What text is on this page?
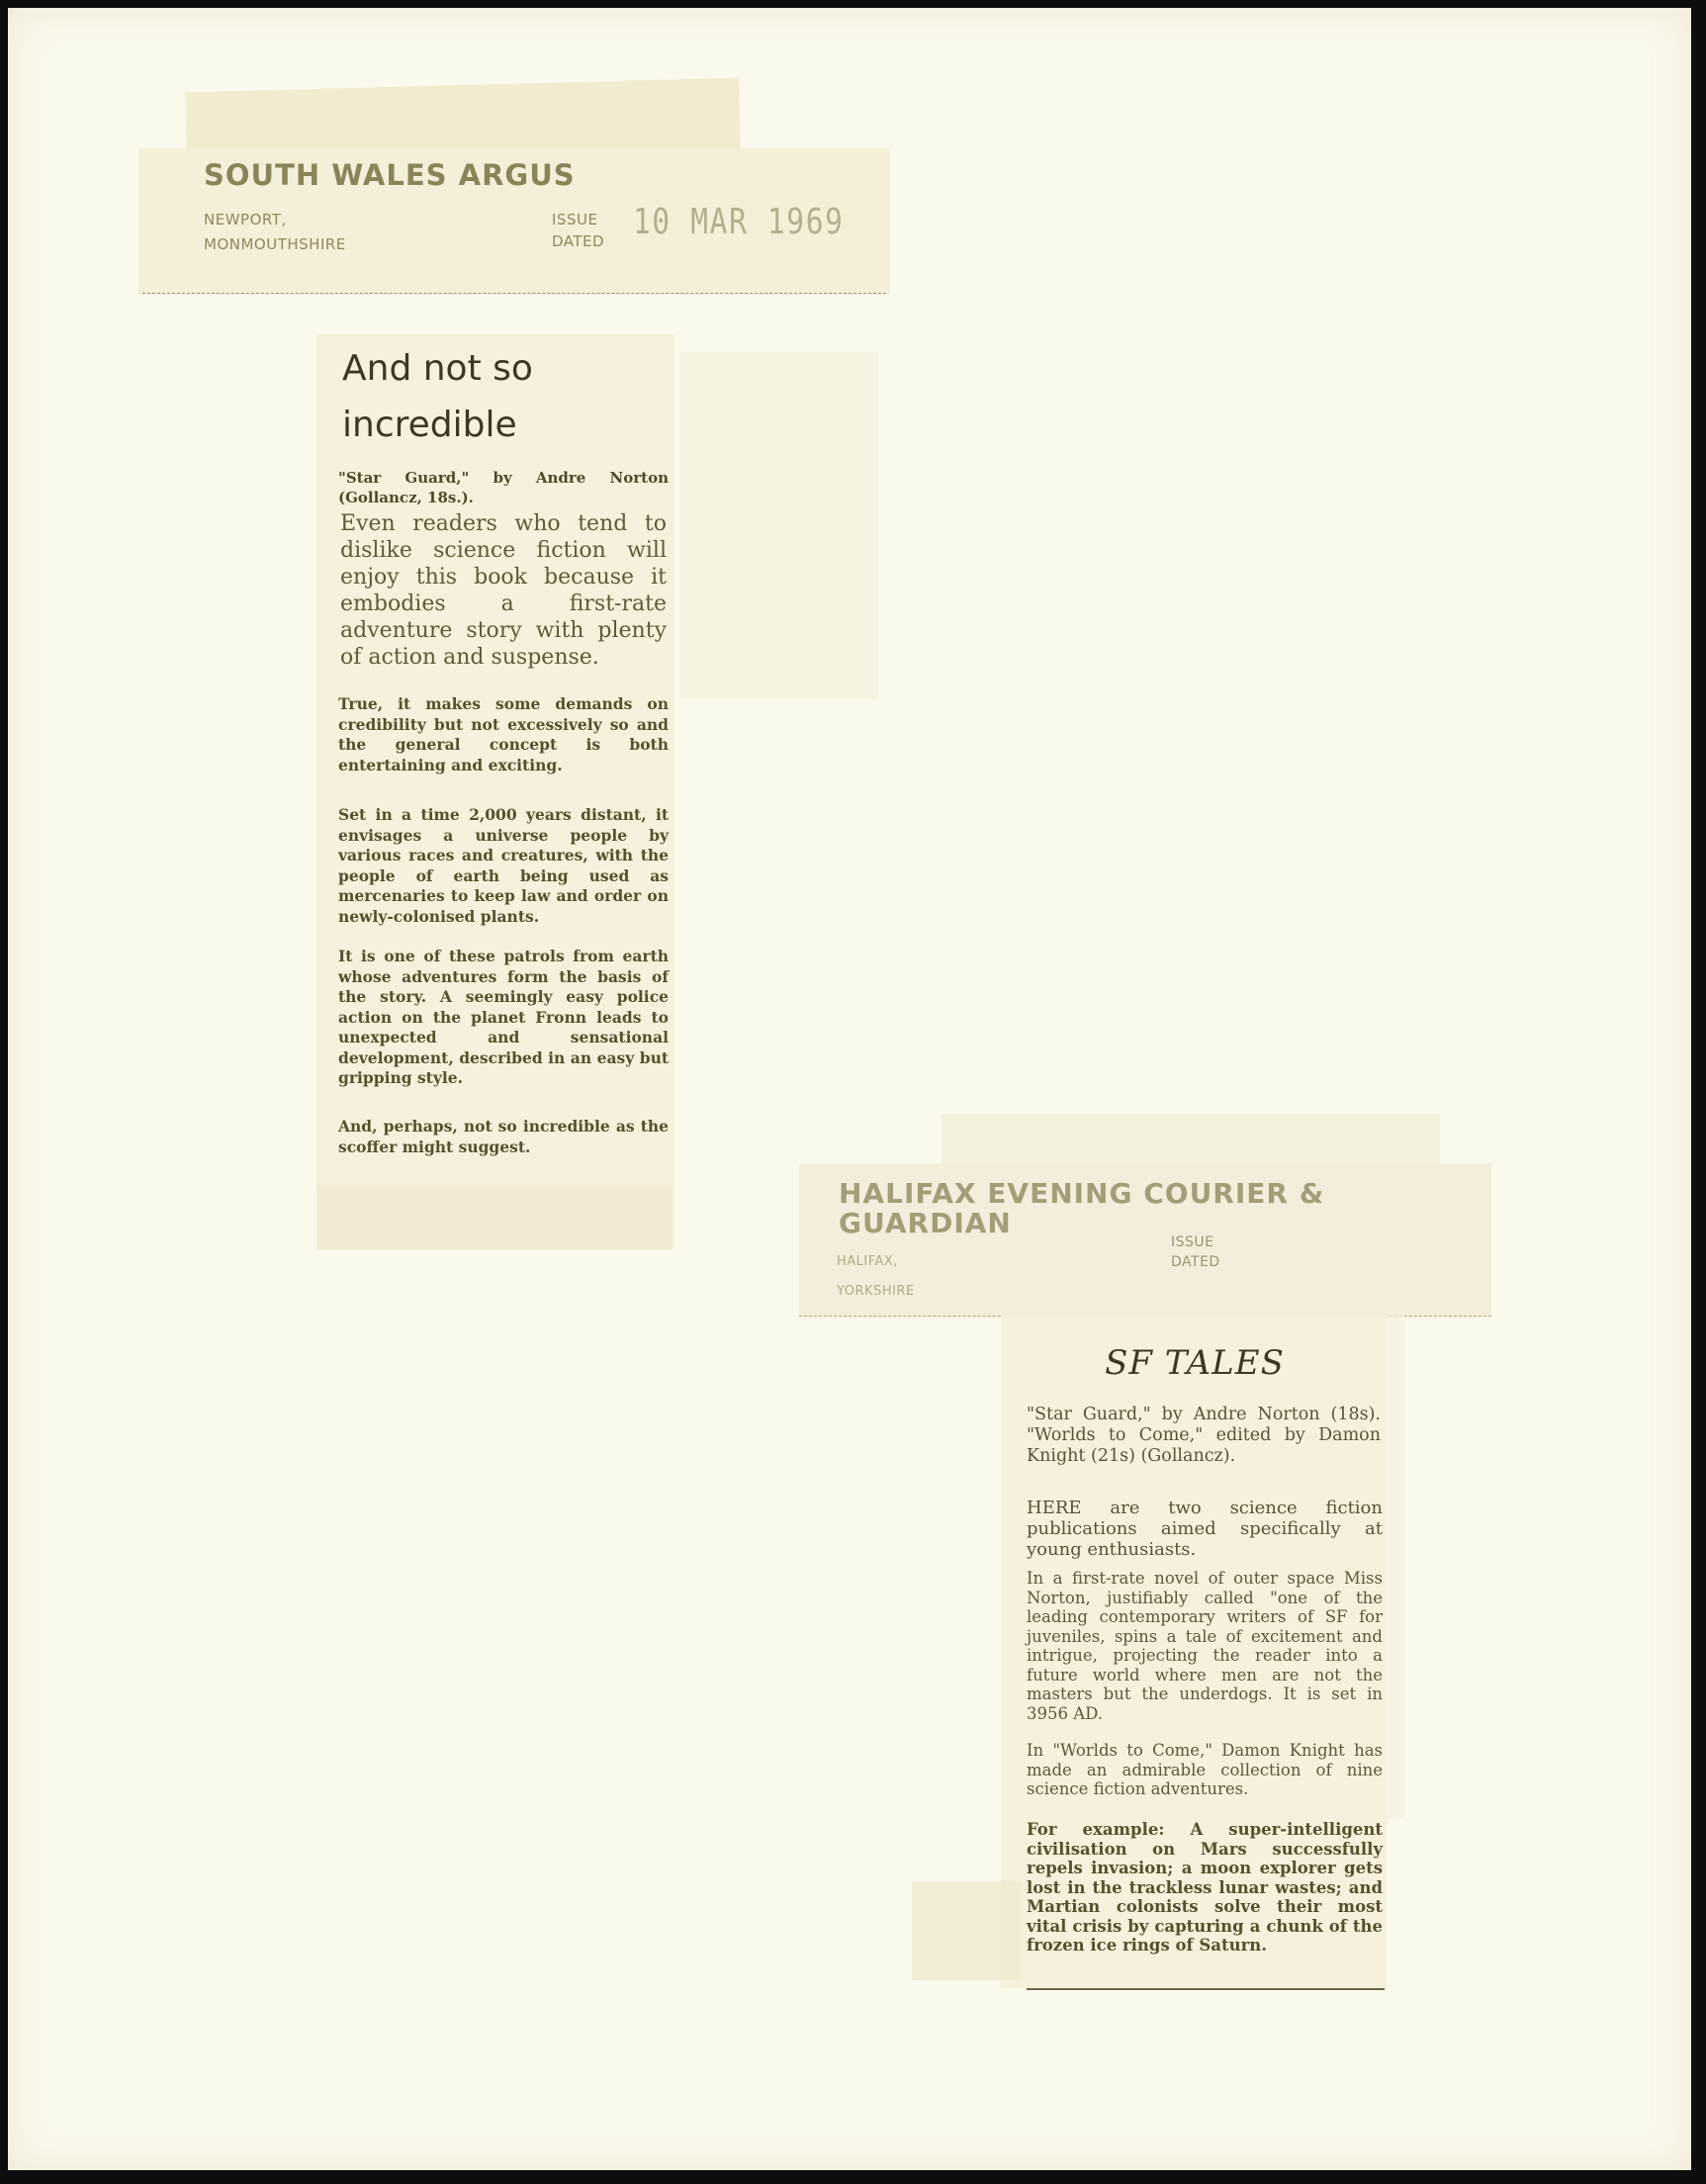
SOUTH WALES ARGUS
NEWPORT,
MONMOUTHSHIRE
ISSUE
DATED 10 MAR 1969
And not so
incredible

"Star Guard," by Andre Norton (Gollancz, 18s.).

Even readers who tend to dislike science fiction will enjoy this book because it embodies a first-rate adventure story with plenty of action and suspense.

True, it makes some demands on credibility but not excessively so and the general concept is both entertaining and exciting.

Set in a time 2,000 years distant, it envisages a universe people by various races and creatures, with the people of earth being used as mercenaries to keep law and order on newly-colonised plants.

It is one of these patrols from earth whose adventures form the basis of the story. A seemingly easy police action on the planet Fronn leads to unexpected and sensational development, described in an easy but gripping style.

And, perhaps, not so incredible as the scoffer might suggest.

HALIFAX EVENING COURIER & GUARDIAN
HALIFAX,
YORKSHIRE
ISSUE
DATED
SF TALES

"Star Guard," by Andre Norton (18s). "Worlds to Come," edited by Damon Knight (21s) (Gollancz).

HERE are two science fiction publications aimed specifically at young enthusiasts.

In a first-rate novel of outer space Miss Norton, justifiably called "one of the leading contemporary writers of SF for juveniles, spins a tale of excitement and intrigue, projecting the reader into a future world where men are not the masters but the underdogs. It is set in 3956 AD.

In "Worlds to Come," Damon Knight has made an admirable collection of nine science fiction adventures.

For example: A super-intelligent civilisation on Mars successfully repels invasion; a moon explorer gets lost in the trackless lunar wastes; and Martian colonists solve their most vital crisis by capturing a chunk of the frozen ice rings of Saturn.
